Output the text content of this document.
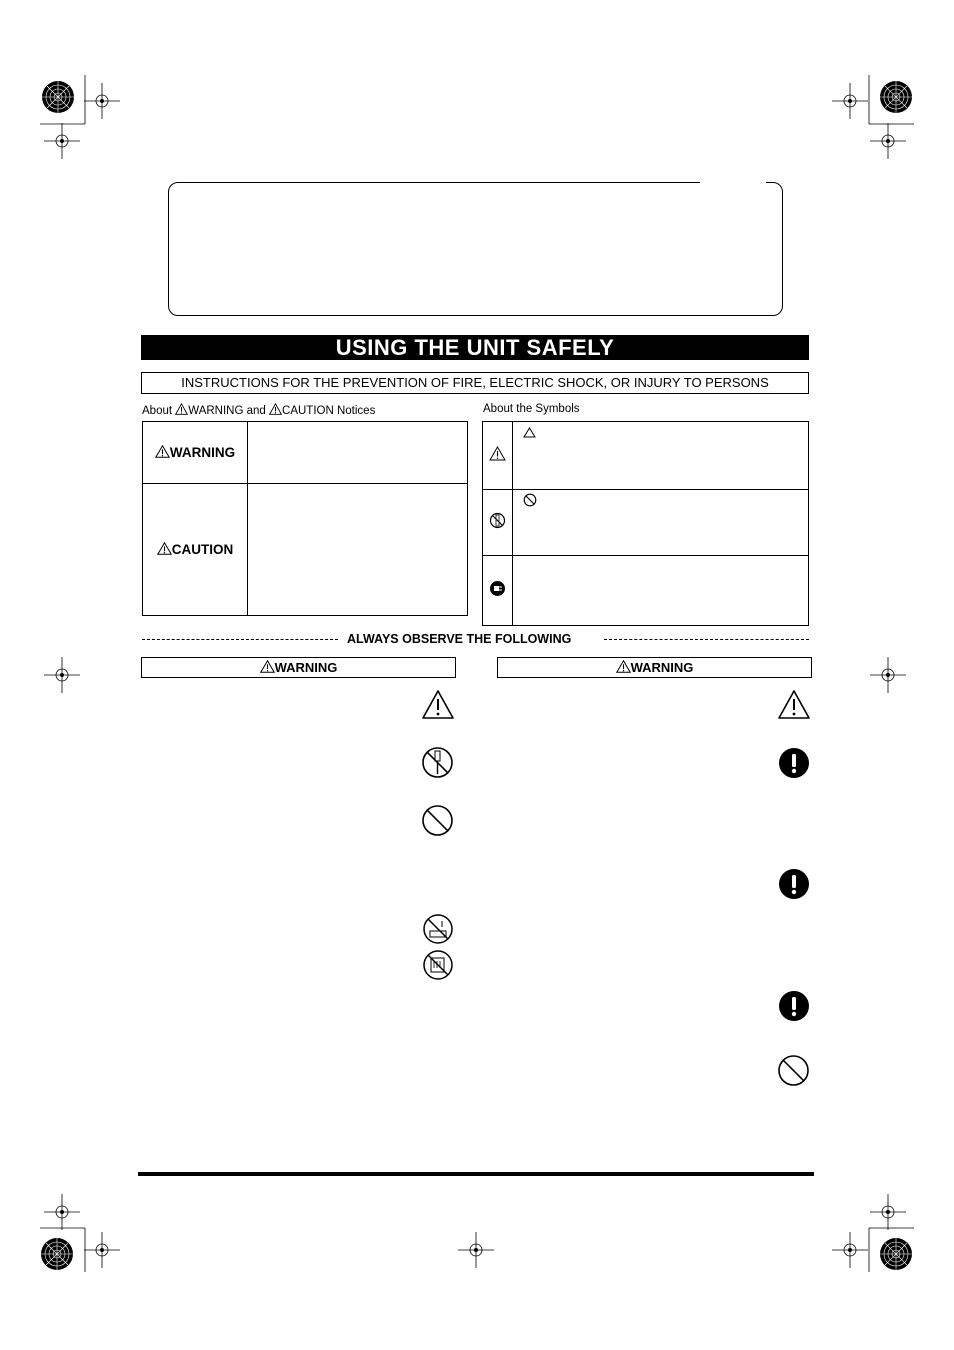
USING THE UNIT SAFELY
INSTRUCTIONS FOR THE PREVENTION OF FIRE, ELECTRIC SHOCK, OR INJURY TO PERSONS
About WARNING and CAUTION Notices	About the Symbols
WARNING	
CAUTION	

ALWAYS OBSERVE THE FOLLOWING
WARNING	WARNING
